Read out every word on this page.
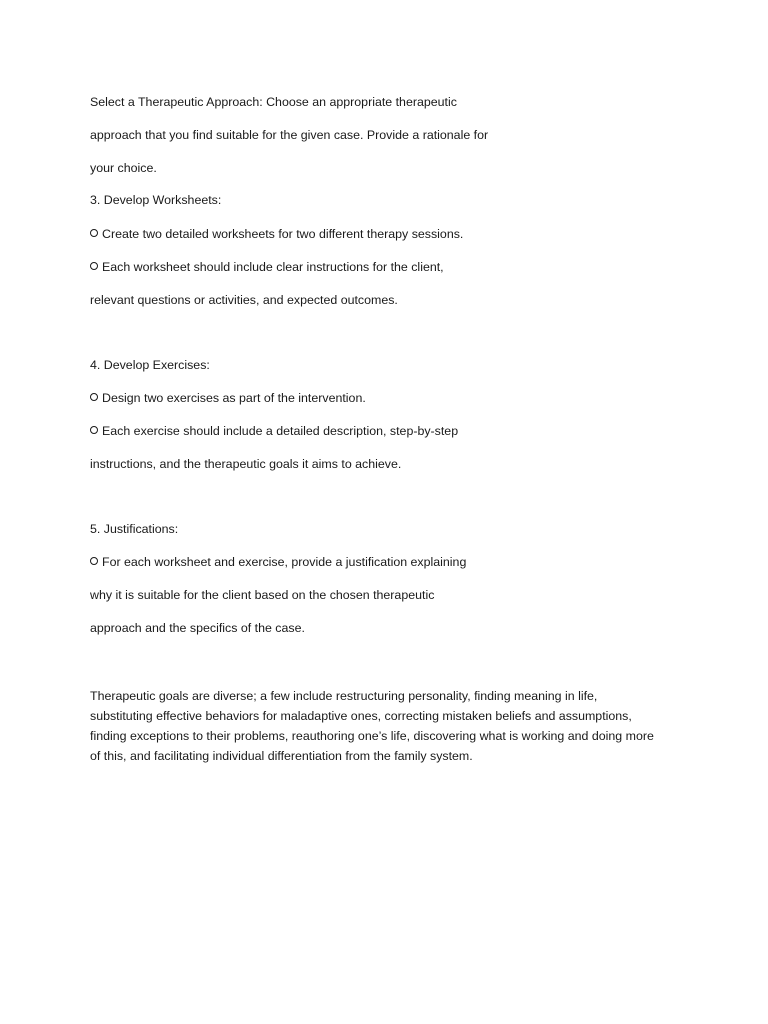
Select a Therapeutic Approach: Choose an appropriate therapeutic

approach that you find suitable for the given case. Provide a rationale for

your choice.

3. Develop Worksheets:

Create two detailed worksheets for two different therapy sessions.

Each worksheet should include clear instructions for the client,

relevant questions or activities, and expected outcomes.

4. Develop Exercises:

Design two exercises as part of the intervention.

Each exercise should include a detailed description, step-by-step

instructions, and the therapeutic goals it aims to achieve.

5. Justifications:

For each worksheet and exercise, provide a justification explaining

why it is suitable for the client based on the chosen therapeutic

approach and the specifics of the case.

Therapeutic goals are diverse; a few include restructuring personality, finding meaning in life,
substituting effective behaviors for maladaptive ones, correcting mistaken beliefs and assumptions,
finding exceptions to their problems, reauthoring one’s life, discovering what is working and doing more
of this, and facilitating individual differentiation from the family system.
